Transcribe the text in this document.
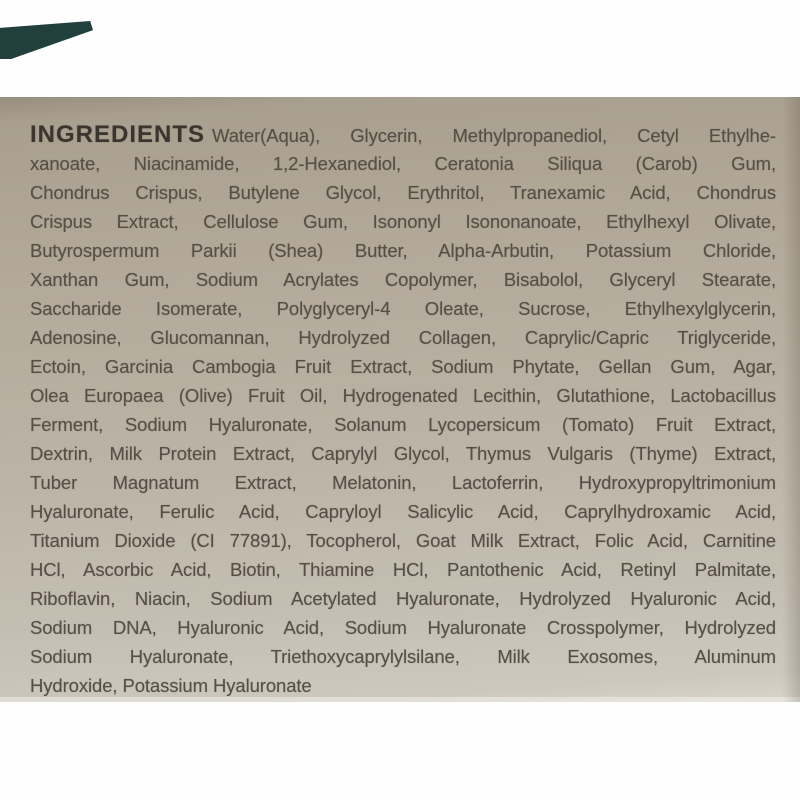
INGREDIENTS Water(Aqua), Glycerin, Methylpropanediol, Cetyl Ethylhe-
xanoate, Niacinamide, 1,2-Hexanediol, Ceratonia Siliqua (Carob) Gum,
Chondrus Crispus, Butylene Glycol, Erythritol, Tranexamic Acid, Chondrus
Crispus Extract, Cellulose Gum, Isononyl Isononanoate, Ethylhexyl Olivate,
Butyrospermum Parkii (Shea) Butter, Alpha-Arbutin, Potassium Chloride,
Xanthan Gum, Sodium Acrylates Copolymer, Bisabolol, Glyceryl Stearate,
Saccharide Isomerate, Polyglyceryl-4 Oleate, Sucrose, Ethylhexylglycerin,
Adenosine, Glucomannan, Hydrolyzed Collagen, Caprylic/Capric Triglyceride,
Ectoin, Garcinia Cambogia Fruit Extract, Sodium Phytate, Gellan Gum, Agar,
Olea Europaea (Olive) Fruit Oil, Hydrogenated Lecithin, Glutathione, Lactobacillus
Ferment, Sodium Hyaluronate, Solanum Lycopersicum (Tomato) Fruit Extract,
Dextrin, Milk Protein Extract, Caprylyl Glycol, Thymus Vulgaris (Thyme) Extract,
Tuber Magnatum Extract, Melatonin, Lactoferrin, Hydroxypropyltrimonium
Hyaluronate, Ferulic Acid, Capryloyl Salicylic Acid, Caprylhydroxamic Acid,
Titanium Dioxide (CI 77891), Tocopherol, Goat Milk Extract, Folic Acid, Carnitine
HCl, Ascorbic Acid, Biotin, Thiamine HCl, Pantothenic Acid, Retinyl Palmitate,
Riboflavin, Niacin, Sodium Acetylated Hyaluronate, Hydrolyzed Hyaluronic Acid,
Sodium DNA, Hyaluronic Acid, Sodium Hyaluronate Crosspolymer, Hydrolyzed
Sodium Hyaluronate, Triethoxycaprylylsilane, Milk Exosomes, Aluminum
Hydroxide, Potassium Hyaluronate
